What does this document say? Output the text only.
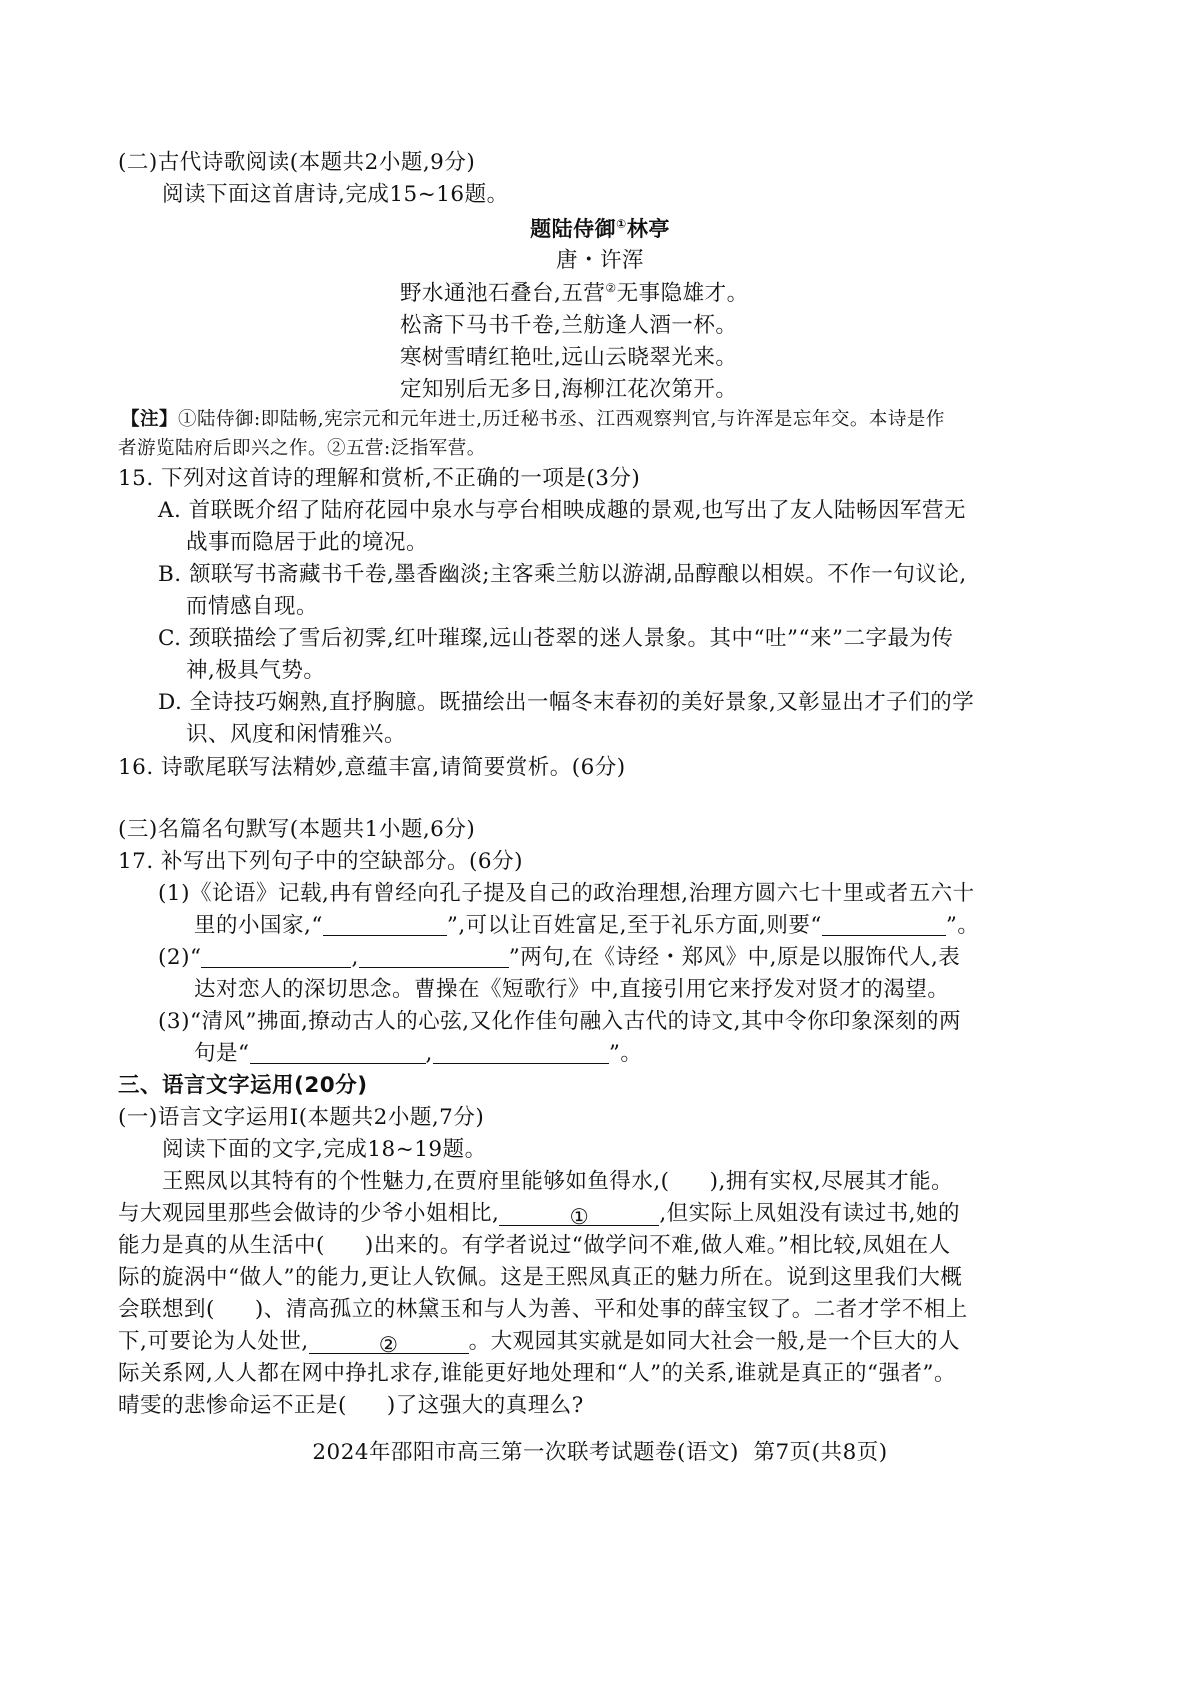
(二)古代诗歌阅读(本题共2小题,9分)
阅读下面这首唐诗,完成15~16题。
题陆侍御①林亭
唐・许浑
野水通池石叠台,五营②无事隐雄才。
松斋下马书千卷,兰舫逢人酒一杯。
寒树雪晴红艳吐,远山云晓翠光来。
定知别后无多日,海柳江花次第开。
【注】①陆侍御:即陆畅,宪宗元和元年进士,历迁秘书丞、江西观察判官,与许浑是忘年交。本诗是作
者游览陆府后即兴之作。②五营:泛指军营。
15. 下列对这首诗的理解和赏析,不正确的一项是(3分)
A. 首联既介绍了陆府花园中泉水与亭台相映成趣的景观,也写出了友人陆畅因军营无
战事而隐居于此的境况。
B. 颔联写书斋藏书千卷,墨香幽淡;主客乘兰舫以游湖,品醇酿以相娱。不作一句议论,
而情感自现。
C. 颈联描绘了雪后初霁,红叶璀璨,远山苍翠的迷人景象。其中“吐”“来”二字最为传
神,极具气势。
D. 全诗技巧娴熟,直抒胸臆。既描绘出一幅冬末春初的美好景象,又彰显出才子们的学
识、风度和闲情雅兴。
16. 诗歌尾联写法精妙,意蕴丰富,请简要赏析。(6分)
(三)名篇名句默写(本题共1小题,6分)
17. 补写出下列句子中的空缺部分。(6分)
(1)《论语》记载,冉有曾经向孔子提及自己的政治理想,治理方圆六七十里或者五六十
里的小国家,“	”,可以让百姓富足,至于礼乐方面,则要“	”。
(2)“	,	”两句,在《诗经・郑风》中,原是以服饰代人,表
达对恋人的深切思念。曹操在《短歌行》中,直接引用它来抒发对贤才的渴望。
(3)“清风”拂面,撩动古人的心弦,又化作佳句融入古代的诗文,其中令你印象深刻的两
句是“	,	”。
三、语言文字运用(20分)
(一)语言文字运用Ⅰ(本题共2小题,7分)
阅读下面的文字,完成18~19题。
王熙凤以其特有的个性魅力,在贾府里能够如鱼得水,( ),拥有实权,尽展其才能。
与大观园里那些会做诗的少爷小姐相比,	①	,但实际上凤姐没有读过书,她的
能力是真的从生活中( )出来的。有学者说过“做学问不难,做人难。”相比较,凤姐在人
际的旋涡中“做人”的能力,更让人钦佩。这是王熙凤真正的魅力所在。说到这里我们大概
会联想到( )、清高孤立的林黛玉和与人为善、平和处事的薛宝钗了。二者才学不相上
下,可要论为人处世,	②	。大观园其实就是如同大社会一般,是一个巨大的人
际关系网,人人都在网中挣扎求存,谁能更好地处理和“人”的关系,谁就是真正的“强者”。
晴雯的悲惨命运不正是( )了这强大的真理么?
2024年邵阳市高三第一次联考试题卷(语文)  第7页(共8页)
